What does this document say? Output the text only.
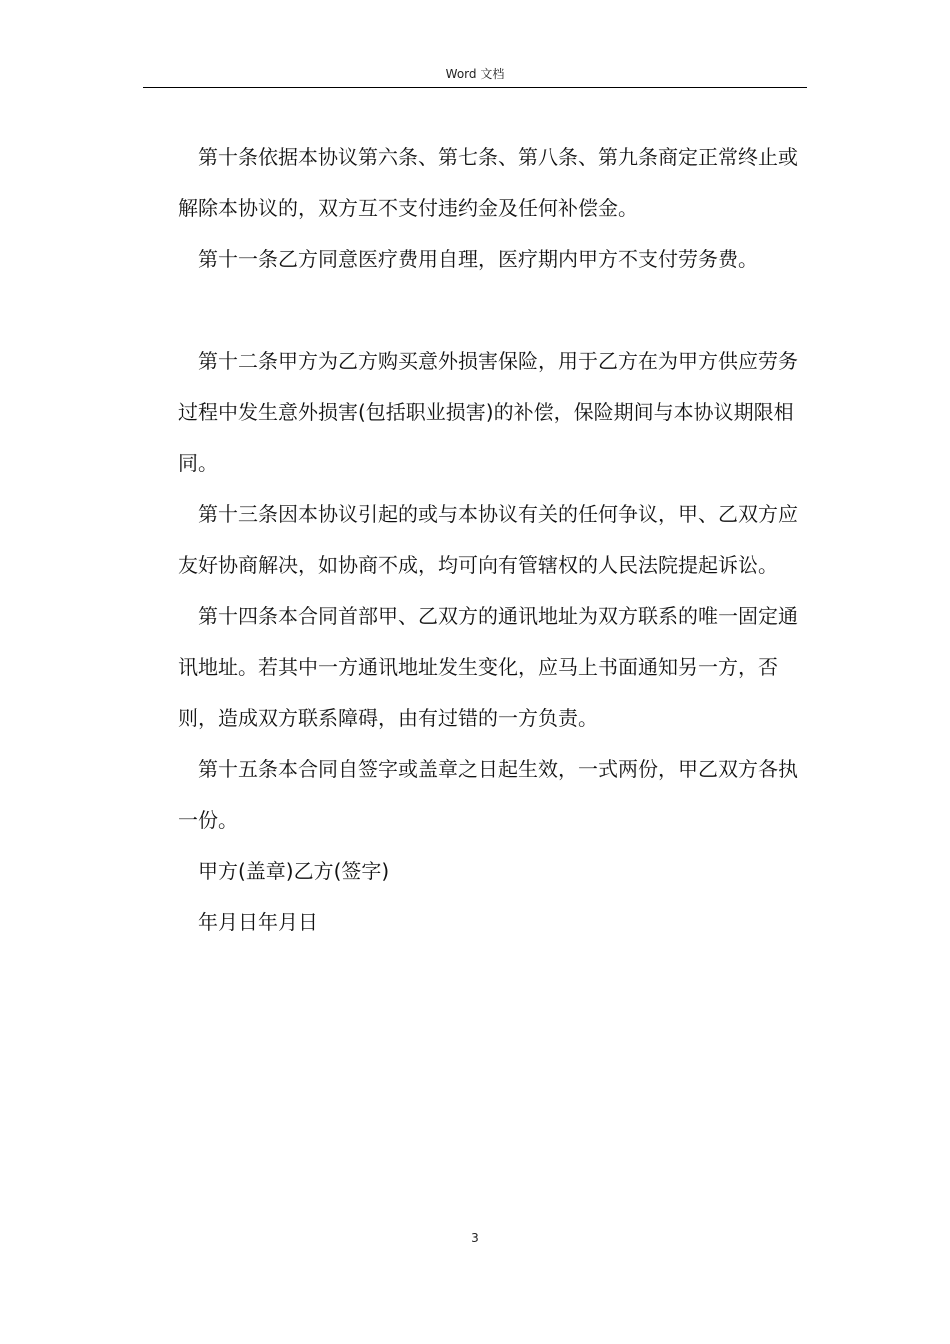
Word 文档

第十条依据本协议第六条、第七条、第八条、第九条商定正常终止或解除本协议的，双方互不支付违约金及任何补偿金。

第十一条乙方同意医疗费用自理，医疗期内甲方不支付劳务费。

第十二条甲方为乙方购买意外损害保险，用于乙方在为甲方供应劳务过程中发生意外损害(包括职业损害)的补偿，保险期间与本协议期限相同。

第十三条因本协议引起的或与本协议有关的任何争议，甲、乙双方应友好协商解决，如协商不成，均可向有管辖权的人民法院提起诉讼。

第十四条本合同首部甲、乙双方的通讯地址为双方联系的唯一固定通讯地址。若其中一方通讯地址发生变化，应马上书面通知另一方，否则，造成双方联系障碍，由有过错的一方负责。

第十五条本合同自签字或盖章之日起生效，一式两份，甲乙双方各执一份。

甲方(盖章)乙方(签字)

年月日年月日

3
